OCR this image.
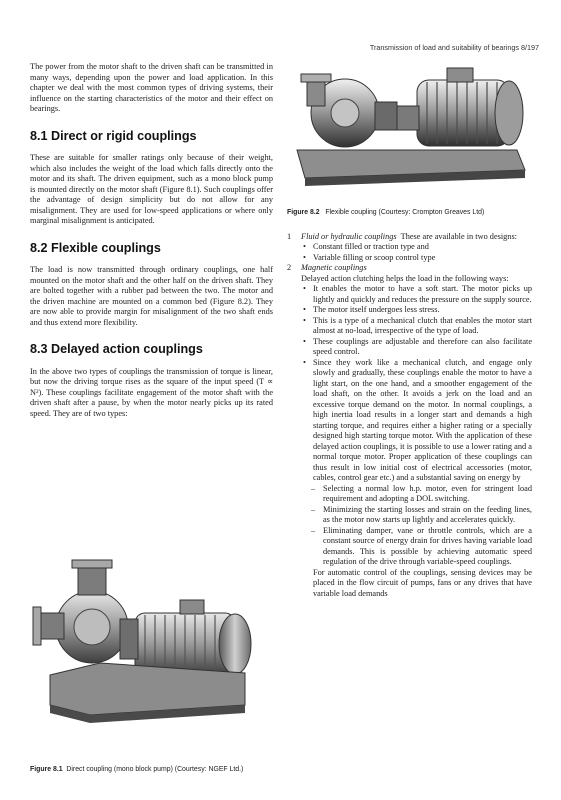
Transmission of load and suitability of bearings 8/197

The power from the motor shaft to the driven shaft can be transmitted in many ways, depending upon the power and load application. In this chapter we deal with the most common types of driving systems, their influence on the starting characteristics of the motor and their effect on bearings.

8.1 Direct or rigid couplings

These are suitable for smaller ratings only because of their weight, which also includes the weight of the load which falls directly onto the motor and its shaft. The driven equipment, such as a mono block pump is mounted directly on the motor shaft (Figure 8.1). Such couplings offer the advantage of design simplicity but do not allow for any misalignment. They are used for low-speed applications or where only marginal misalignment is anticipated.

8.2 Flexible couplings

The load is now transmitted through ordinary couplings, one half mounted on the motor shaft and the other half on the driven shaft. They are bolted together with a rubber pad between the two. The motor and the driven machine are mounted on a common bed (Figure 8.2). They are now able to provide margin for misalignment of the two shaft ends and thus extend more flexibility.

8.3 Delayed action couplings

In the above two types of couplings the transmission of torque is linear, but now the driving torque rises as the square of the input speed (T ∝ N²). These couplings facilitate engagement of the motor shaft with the driven shaft after a pause, by when the motor nearly picks up its rated speed. They are of two types:

Figure 8.1 Direct coupling (mono block pump) (Courtesy: NGEF Ltd.)
Figure 8.2 Flexible coupling (Courtesy: Crompton Greaves Ltd)
1 Fluid or hydraulic couplings These are available in two designs:
• Constant filled or traction type and
• Variable filling or scoop control type
2 Magnetic couplings
Delayed action clutching helps the load in the following ways:
• It enables the motor to have a soft start. The motor picks up lightly and quickly and reduces the pressure on the supply source.
• The motor itself undergoes less stress.
• This is a type of a mechanical clutch that enables the motor start almost at no-load, irrespective of the type of load.
• These couplings are adjustable and therefore can also facilitate speed control.
• Since they work like a mechanical clutch, and engage only slowly and gradually, these couplings enable the motor to have a light start, on the one hand, and a smoother engagement of the load shaft, on the other. It avoids a jerk on the load and an excessive torque demand on the motor. In normal couplings, a high inertia load results in a longer start and demands a high starting torque, and requires either a higher rating or a specially designed high starting torque motor. With the application of these delayed action couplings, it is possible to use a lower rating and a normal torque motor. Proper application of these couplings can thus result in low initial cost of electrical accessories (motor, cables, control gear etc.) and a substantial saving on energy by
– Selecting a normal low h.p. motor, even for stringent load requirement and adopting a DOL switching.
– Minimizing the starting losses and strain on the feeding lines, as the motor now starts up lightly and accelerates quickly.
– Eliminating damper, vane or throttle controls, which are a constant source of energy drain for drives having variable load demands. This is possible by achieving automatic speed regulation of the drive through variable-speed couplings.
For automatic control of the couplings, sensing devices may be placed in the flow circuit of pumps, fans or any drives that have variable load demands
